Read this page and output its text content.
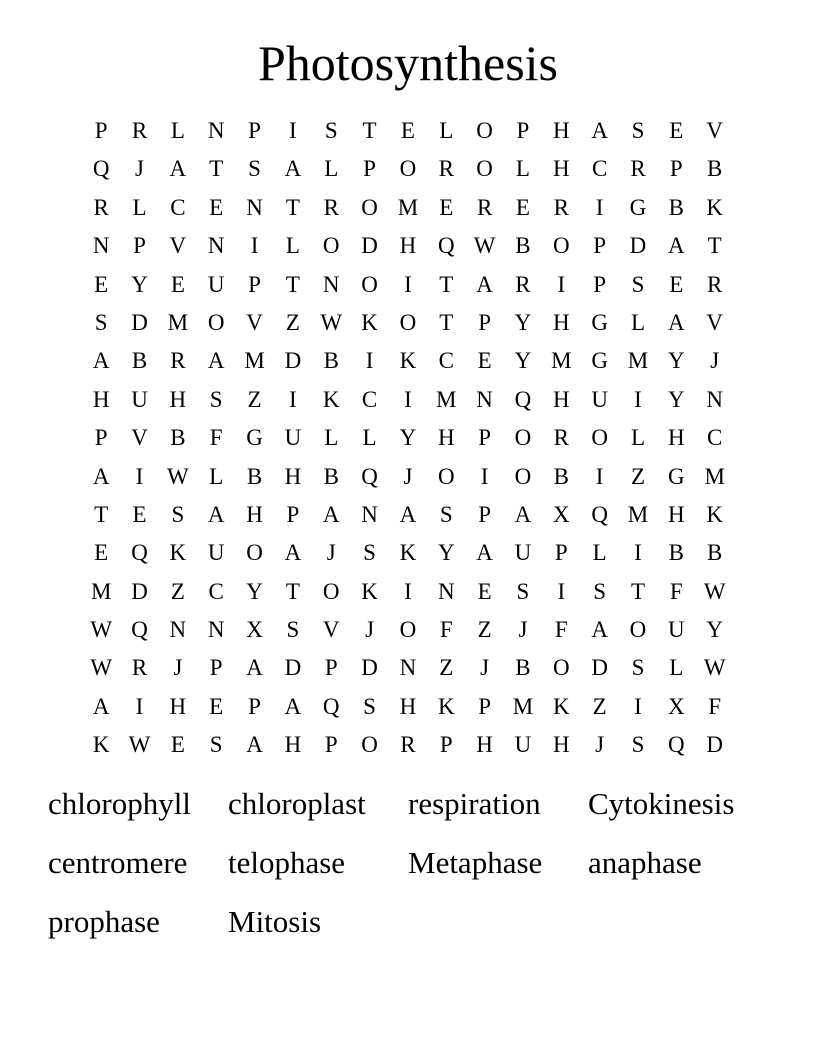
Photosynthesis
P	R	L	N	P	I	S	T	E	L	O	P	H A	S	E	V
Q	J	A	T	S	A	L	P	O R O	L	H C	R	P	B
R	L	C	E	N	T	R O M E	R	E	R	I	G B K
N	P	V N	I	L	O D H Q W B O	P	D A	T
E	Y	E	U	P	T	N O	I	T	A R	I	P	S	E	R
S	D M O V	Z W K O	T	P	Y H G	L	A V
A B	R A M D B	I	K C	E	Y M G M Y	J
H U H	S	Z	I	K C	I	M N Q H U	I	Y N
P	V B	F	G U	L	L	Y H	P	O R O	L	H C
A	I	W L	B H B Q	J	O	I	O B	I	Z	G M
T	E	S	A H	P	A N A	S	P	A X Q M H K
E	Q K U O A	J	S	K Y A U	P	L	I	B	B
M D	Z	C Y	T	O K	I	N	E	S	I	S	T	F W
W Q N N X	S	V	J	O	F	Z	J	F	A O U Y
W R	J	P	A D	P	D N	Z	J	B O D	S	L W
A	I	H	E	P	A Q	S	H K	P M K	Z	I	X	F
K W E	S	A H	P	O R	P	H U H	J	S	Q D
chlorophyll	chloroplast	respiration	Cytokinesis
centromere	telophase	Metaphase	anaphase
prophase	Mitosis
